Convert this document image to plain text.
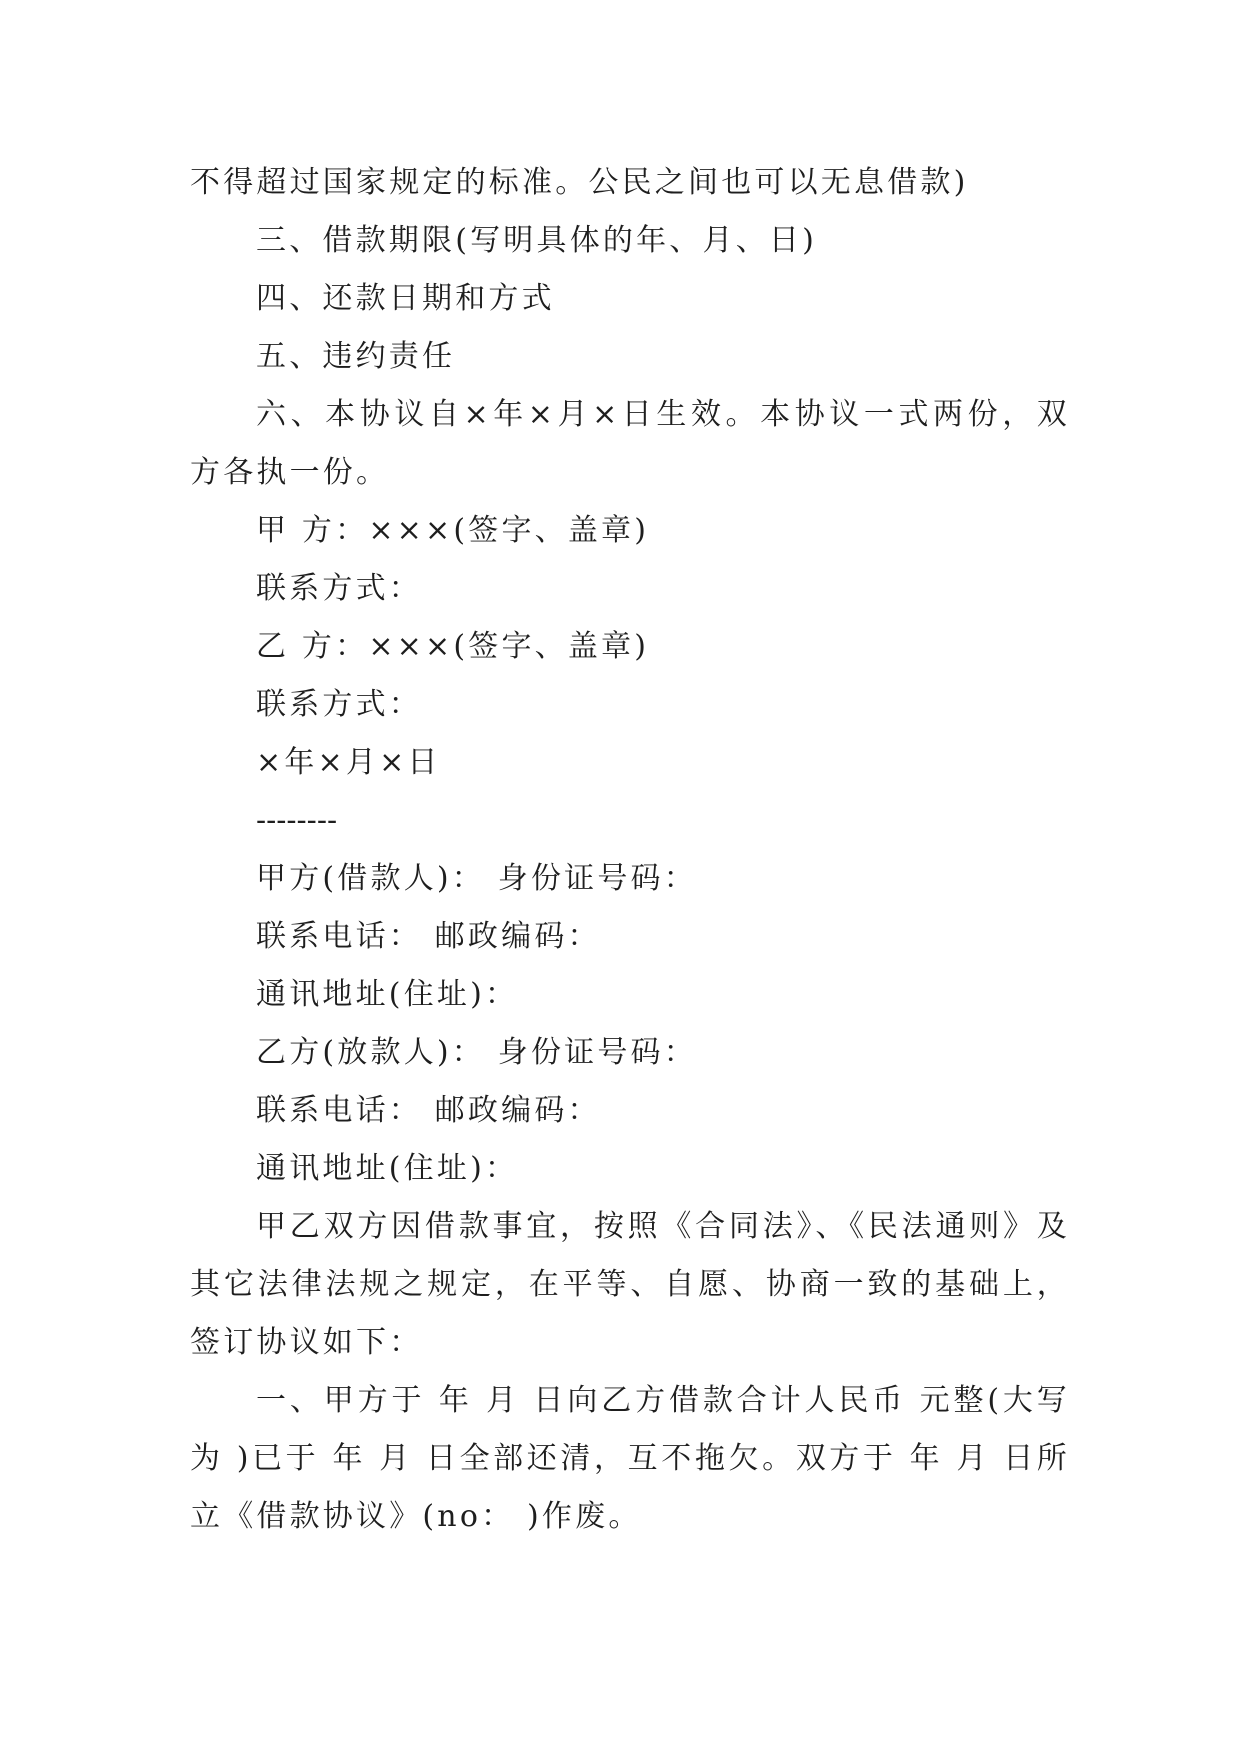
不得超过国家规定的标准。公民之间也可以无息借款)

三、借款期限(写明具体的年、月、日)

四、还款日期和方式

五、违约责任

六、本协议自×年×月×日生效。本协议一式两份，双方各执一份。

甲 方：×××(签字、盖章)

联系方式：

乙 方：×××(签字、盖章)

联系方式：

×年×月×日

--------

甲方(借款人)： 身份证号码：

联系电话： 邮政编码：

通讯地址(住址)：

乙方(放款人)： 身份证号码：

联系电话： 邮政编码：

通讯地址(住址)：

甲乙双方因借款事宜，按照《合同法》、《民法通则》及其它法律法规之规定，在平等、自愿、协商一致的基础上，签订协议如下：

一、甲方于 年 月 日向乙方借款合计人民币 元整(大写为 )已于 年 月 日全部还清，互不拖欠。双方于 年 月 日所立《借款协议》(no： )作废。
